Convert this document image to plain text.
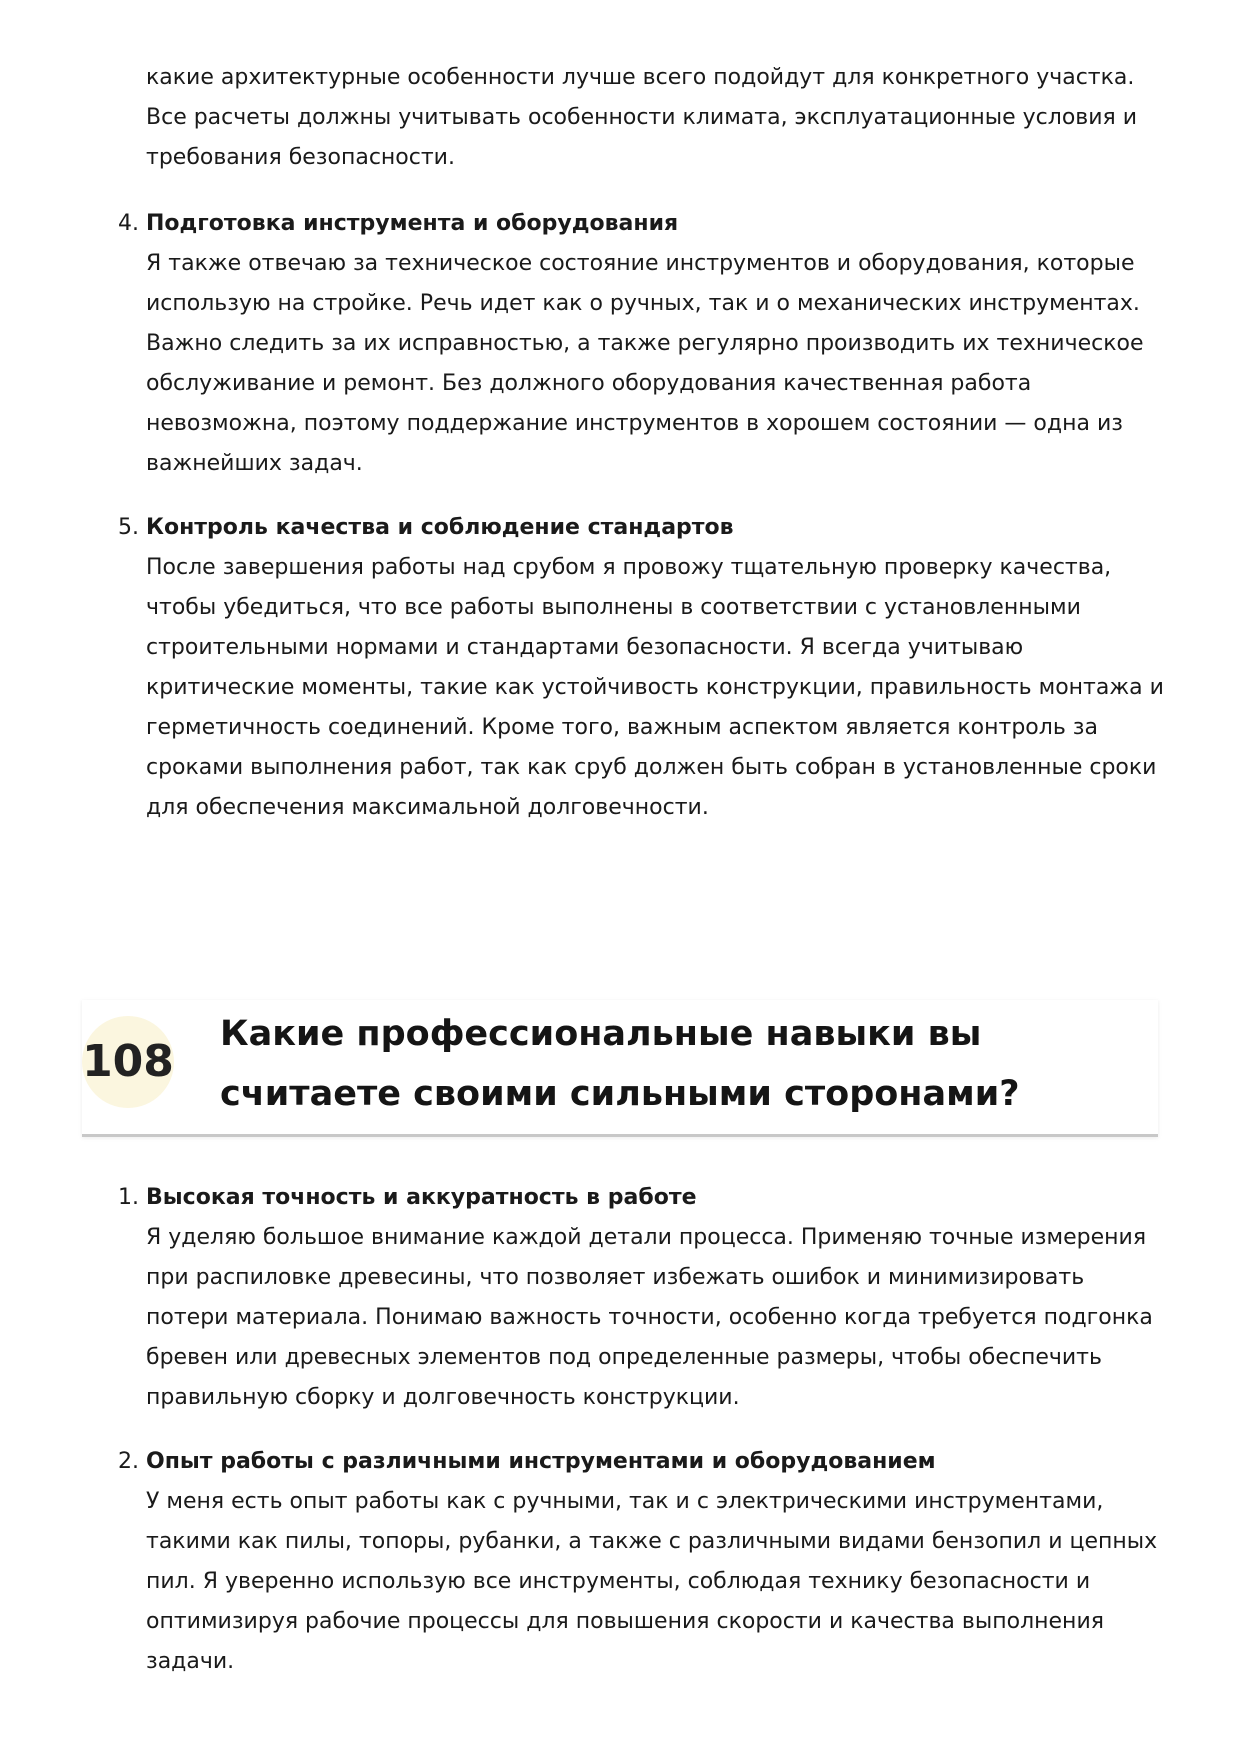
какие архитектурные особенности лучше всего подойдут для конкретного участка. Все расчеты должны учитывать особенности климата, эксплуатационные условия и требования безопасности.

4. Подготовка инструмента и оборудования
Я также отвечаю за техническое состояние инструментов и оборудования, которые использую на стройке. Речь идет как о ручных, так и о механических инструментах. Важно следить за их исправностью, а также регулярно производить их техническое обслуживание и ремонт. Без должного оборудования качественная работа невозможна, поэтому поддержание инструментов в хорошем состоянии — одна из важнейших задач.
5. Контроль качества и соблюдение стандартов
После завершения работы над срубом я провожу тщательную проверку качества, чтобы убедиться, что все работы выполнены в соответствии с установленными строительными нормами и стандартами безопасности. Я всегда учитываю критические моменты, такие как устойчивость конструкции, правильность монтажа и герметичность соединений. Кроме того, важным аспектом является контроль за сроками выполнения работ, так как сруб должен быть собран в установленные сроки для обеспечения максимальной долговечности.
108
Какие профессиональные навыки вы считаете своими сильными сторонами?
1. Высокая точность и аккуратность в работе
Я уделяю большое внимание каждой детали процесса. Применяю точные измерения при распиловке древесины, что позволяет избежать ошибок и минимизировать потери материала. Понимаю важность точности, особенно когда требуется подгонка бревен или древесных элементов под определенные размеры, чтобы обеспечить правильную сборку и долговечность конструкции.
2. Опыт работы с различными инструментами и оборудованием
У меня есть опыт работы как с ручными, так и с электрическими инструментами, такими как пилы, топоры, рубанки, а также с различными видами бензопил и цепных пил. Я уверенно использую все инструменты, соблюдая технику безопасности и оптимизируя рабочие процессы для повышения скорости и качества выполнения задачи.
